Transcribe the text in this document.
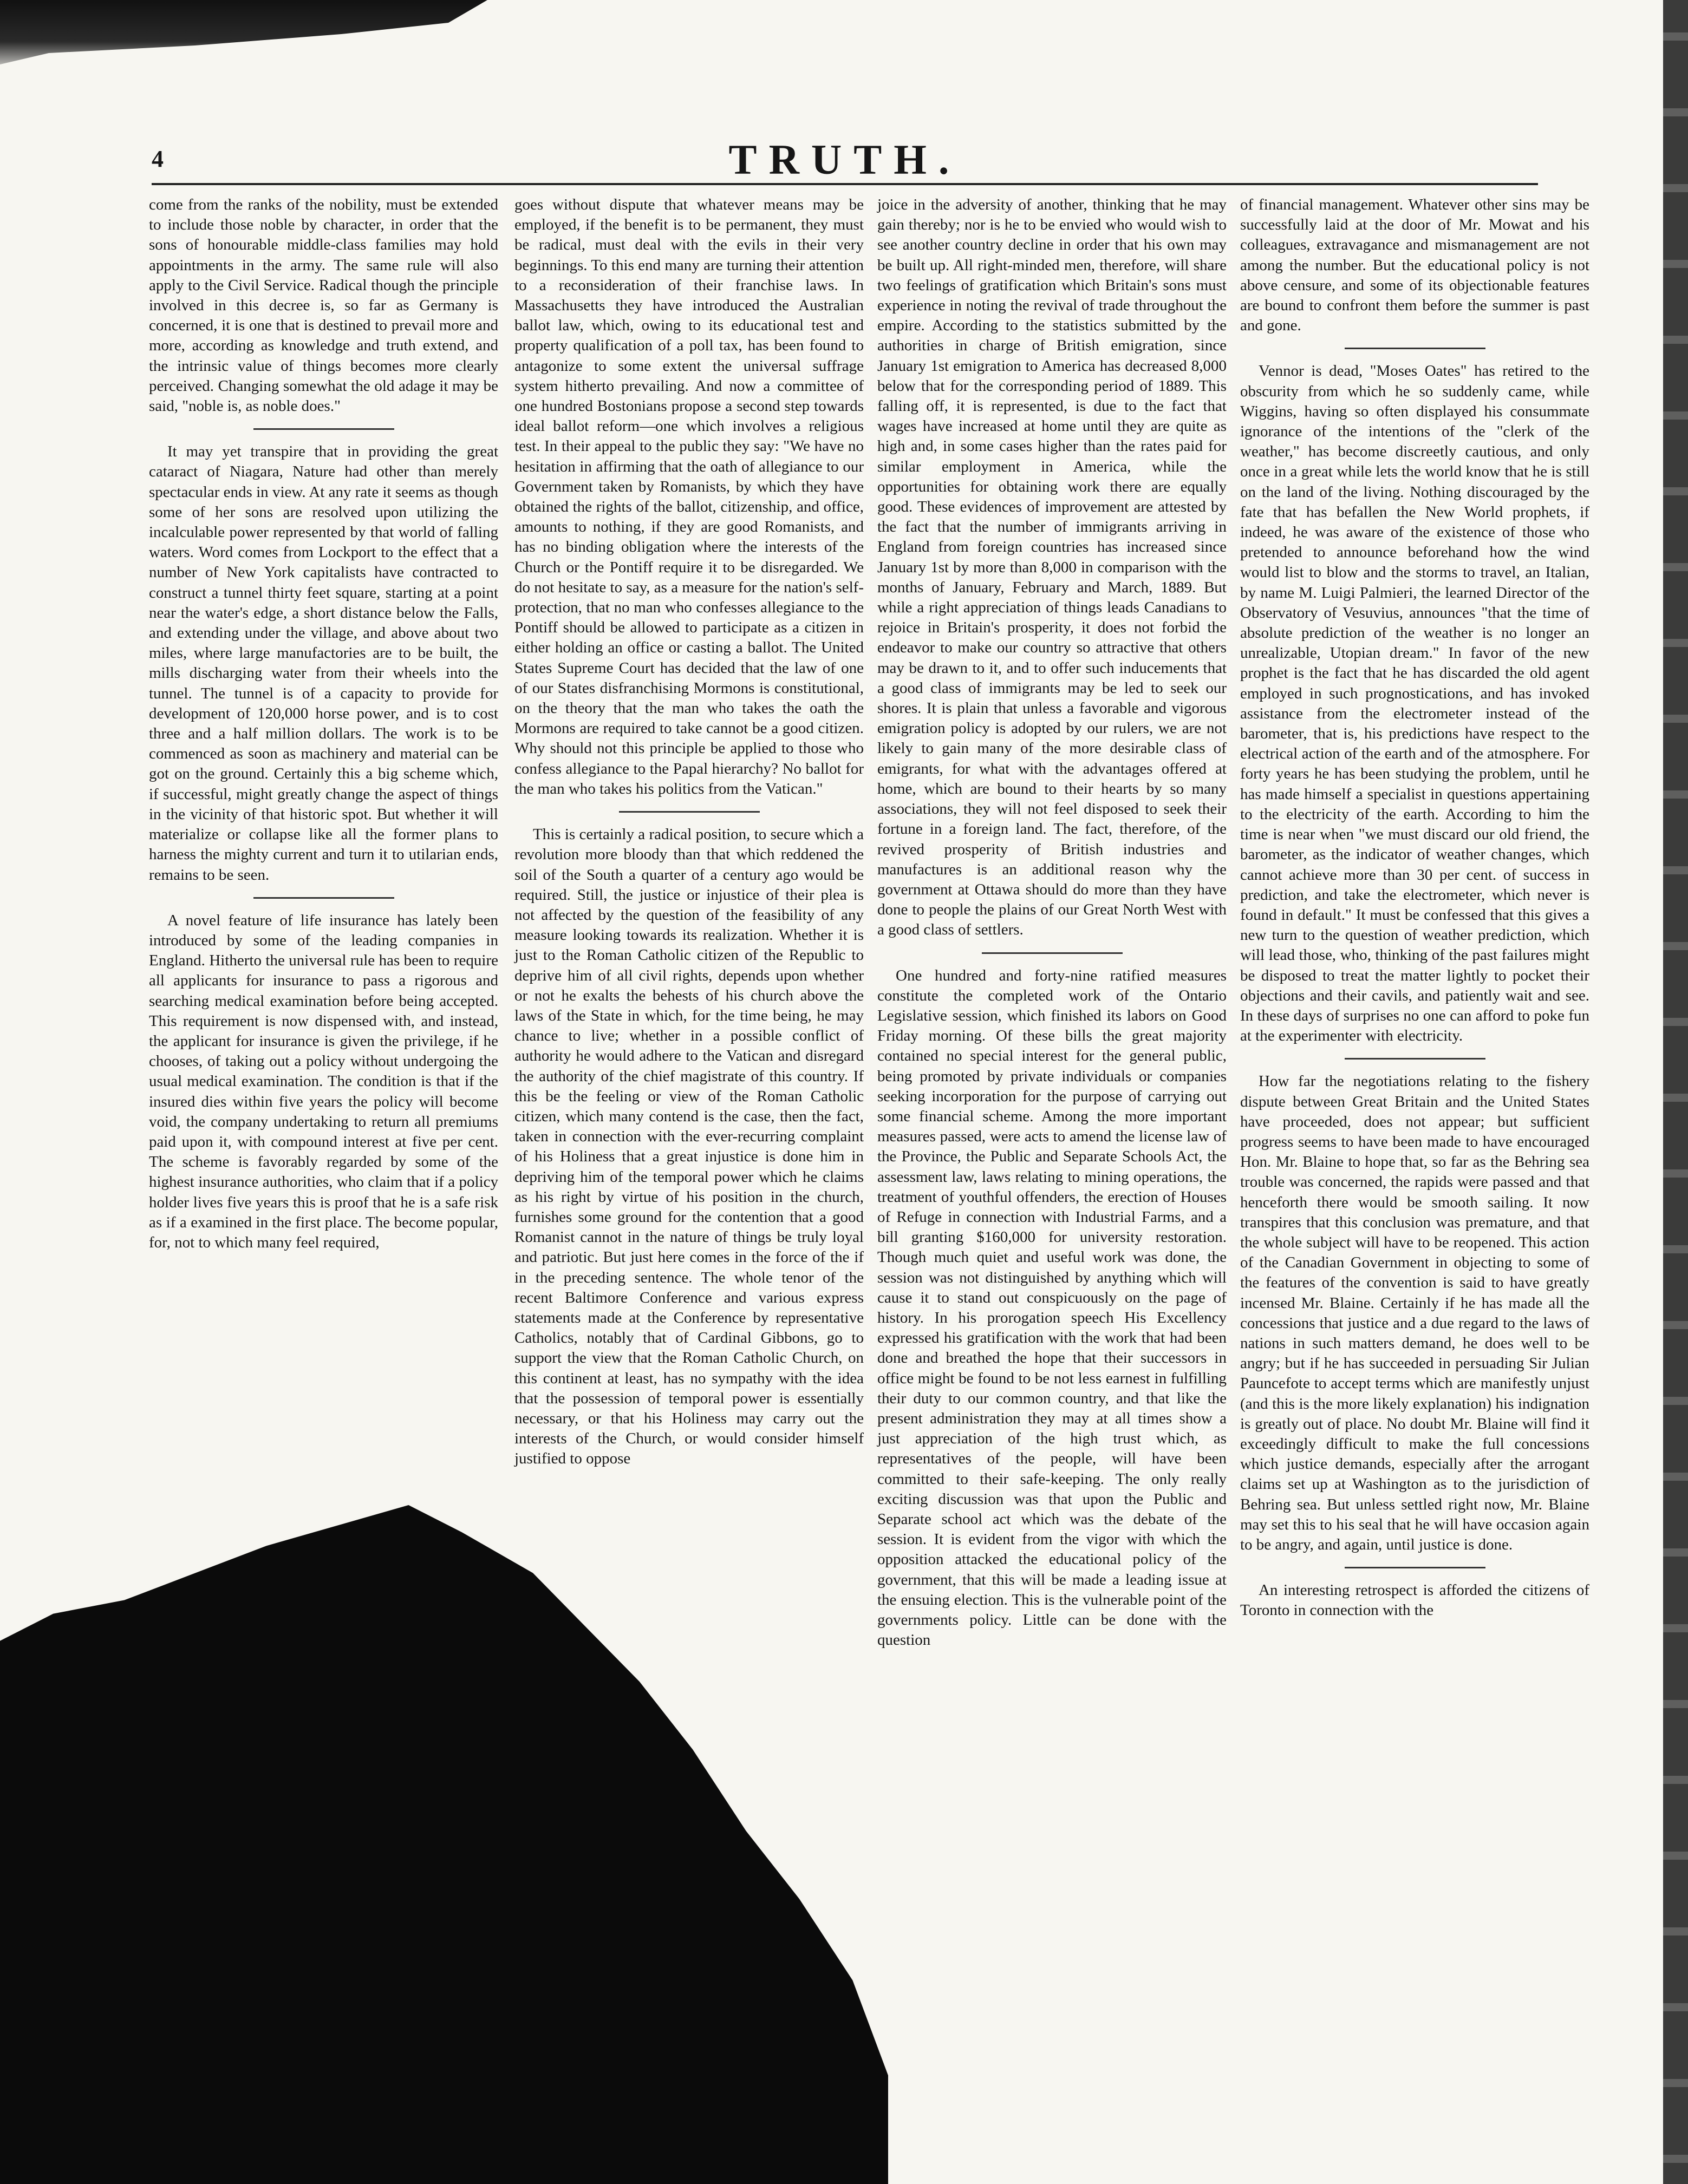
4	TRUTH.

come from the ranks of the nobility, must be extended to include those noble by character, in order that the sons of honourable middle-class families may hold appointments in the army. The same rule will also apply to the Civil Service. Radical though the principle involved in this decree is, so far as Germany is concerned, it is one that is destined to prevail more and more, according as knowledge and truth extend, and the intrinsic value of things becomes more clearly perceived. Changing somewhat the old adage it may be said, "noble is, as noble does."

It may yet transpire that in providing the great cataract of Niagara, Nature had other than merely spectacular ends in view. At any rate it seems as though some of her sons are resolved upon utilizing the incalculable power represented by that world of falling waters. Word comes from Lockport to the effect that a number of New York capitalists have contracted to construct a tunnel thirty feet square, starting at a point near the water's edge, a short distance below the Falls, and extending under the village, and above about two miles, where large manufactories are to be built, the mills discharging water from their wheels into the tunnel. The tunnel is of a capacity to provide for development of 120,000 horse power, and is to cost three and a half million dollars. The work is to be commenced as soon as machinery and material can be got on the ground. Certainly this a big scheme which, if successful, might greatly change the aspect of things in the vicinity of that historic spot. But whether it will materialize or collapse like all the former plans to harness the mighty current and turn it to utilarian ends, remains to be seen.

A novel feature of life insurance has lately been introduced by some of the leading companies in England. Hitherto the universal rule has been to require all applicants for insurance to pass a rigorous and searching medical examination before being accepted. This requirement is now dispensed with, and instead, the applicant for insurance is given the privilege, if he chooses, of taking out a policy without undergoing the usual medical examination. The condition is that if the insured dies within five years the policy will become void, the company undertaking to return all premiums paid upon it, with compound interest at five per cent. The scheme is favorably regarded by some of the highest insurance authorities, who claim that if a policy holder lives five years this is proof that he is a safe risk as if a examined in the first place. The become popular, for, not to which many feel required,

goes without dispute that whatever means may be employed, if the benefit is to be permanent, they must be radical, must deal with the evils in their very beginnings. To this end many are turning their attention to a reconsideration of their franchise laws. In Massachusetts they have introduced the Australian ballot law, which, owing to its educational test and property qualification of a poll tax, has been found to antagonize to some extent the universal suffrage system hitherto prevailing. And now a committee of one hundred Bostonians propose a second step towards ideal ballot reform—one which involves a religious test. In their appeal to the public they say: "We have no hesitation in affirming that the oath of allegiance to our Government taken by Romanists, by which they have obtained the rights of the ballot, citizenship, and office, amounts to nothing, if they are good Romanists, and has no binding obligation where the interests of the Church or the Pontiff require it to be disregarded. We do not hesitate to say, as a measure for the nation's self-protection, that no man who confesses allegiance to the Pontiff should be allowed to participate as a citizen in either holding an office or casting a ballot. The United States Supreme Court has decided that the law of one of our States disfranchising Mormons is constitutional, on the theory that the man who takes the oath the Mormons are required to take cannot be a good citizen. Why should not this principle be applied to those who confess allegiance to the Papal hierarchy? No ballot for the man who takes his politics from the Vatican."

This is certainly a radical position, to secure which a revolution more bloody than that which reddened the soil of the South a quarter of a century ago would be required. Still, the justice or injustice of their plea is not affected by the question of the feasibility of any measure looking towards its realization. Whether it is just to the Roman Catholic citizen of the Republic to deprive him of all civil rights, depends upon whether or not he exalts the behests of his church above the laws of the State in which, for the time being, he may chance to live; whether in a possible conflict of authority he would adhere to the Vatican and disregard the authority of the chief magistrate of this country. If this be the feeling or view of the Roman Catholic citizen, which many contend is the case, then the fact, taken in connection with the ever-recurring complaint of his Holiness that a great injustice is done him in depriving him of the temporal power which he claims as his right by virtue of his position in the church, furnishes some ground for the contention that a good Romanist cannot in the nature of things be truly loyal and patriotic. But just here comes in the force of the if in the preceding sentence. The whole tenor of the recent Baltimore Conference and various express statements made at the Conference by representative Catholics, notably that of Cardinal Gibbons, go to support the view that the Roman Catholic Church, on this continent at least, has no sympathy with the idea that the possession of temporal power is essentially necessary, or that his Holiness may carry out the interests of the Church, or would consider himself justified to oppose

joice in the adversity of another, thinking that he may gain thereby; nor is he to be envied who would wish to see another country decline in order that his own may be built up. All right-minded men, therefore, will share two feelings of gratification which Britain's sons must experience in noting the revival of trade throughout the empire. According to the statistics submitted by the authorities in charge of British emigration, since January 1st emigration to America has decreased 8,000 below that for the corresponding period of 1889. This falling off, it is represented, is due to the fact that wages have increased at home until they are quite as high and, in some cases higher than the rates paid for similar employment in America, while the opportunities for obtaining work there are equally good. These evidences of improvement are attested by the fact that the number of immigrants arriving in England from foreign countries has increased since January 1st by more than 8,000 in comparison with the months of January, February and March, 1889. But while a right appreciation of things leads Canadians to rejoice in Britain's prosperity, it does not forbid the endeavor to make our country so attractive that others may be drawn to it, and to offer such inducements that a good class of immigrants may be led to seek our shores. It is plain that unless a favorable and vigorous emigration policy is adopted by our rulers, we are not likely to gain many of the more desirable class of emigrants, for what with the advantages offered at home, which are bound to their hearts by so many associations, they will not feel disposed to seek their fortune in a foreign land. The fact, therefore, of the revived prosperity of British industries and manufactures is an additional reason why the government at Ottawa should do more than they have done to people the plains of our Great North West with a good class of settlers.

One hundred and forty-nine ratified measures constitute the completed work of the Ontario Legislative session, which finished its labors on Good Friday morning. Of these bills the great majority contained no special interest for the general public, being promoted by private individuals or companies seeking incorporation for the purpose of carrying out some financial scheme. Among the more important measures passed, were acts to amend the license law of the Province, the Public and Separate Schools Act, the assessment law, laws relating to mining operations, the treatment of youthful offenders, the erection of Houses of Refuge in connection with Industrial Farms, and a bill granting $160,000 for university restoration. Though much quiet and useful work was done, the session was not distinguished by anything which will cause it to stand out conspicuously on the page of history. In his prorogation speech His Excellency expressed his gratification with the work that had been done and breathed the hope that their successors in office might be found to be not less earnest in fulfilling their duty to our common country, and that like the present administration they may at all times show a just appreciation of the high trust which, as representatives of the people, will have been committed to their safe-keeping. The only really exciting discussion was that upon the Public and Separate school act which was the debate of the session. It is evident from the vigor with which the opposition attacked the educational policy of the government, that this will be made a leading issue at the ensuing election. This is the vulnerable point of the governments policy. Little can be done with the question

of financial management. Whatever other sins may be successfully laid at the door of Mr. Mowat and his colleagues, extravagance and mismanagement are not among the number. But the educational policy is not above censure, and some of its objectionable features are bound to confront them before the summer is past and gone.

Vennor is dead, "Moses Oates" has retired to the obscurity from which he so suddenly came, while Wiggins, having so often displayed his consummate ignorance of the intentions of the "clerk of the weather," has become discreetly cautious, and only once in a great while lets the world know that he is still on the land of the living. Nothing discouraged by the fate that has befallen the New World prophets, if indeed, he was aware of the existence of those who pretended to announce beforehand how the wind would list to blow and the storms to travel, an Italian, by name M. Luigi Palmieri, the learned Director of the Observatory of Vesuvius, announces "that the time of absolute prediction of the weather is no longer an unrealizable, Utopian dream." In favor of the new prophet is the fact that he has discarded the old agent employed in such prognostications, and has invoked assistance from the electrometer instead of the barometer, that is, his predictions have respect to the electrical action of the earth and of the atmosphere. For forty years he has been studying the problem, until he has made himself a specialist in questions appertaining to the electricity of the earth. According to him the time is near when "we must discard our old friend, the barometer, as the indicator of weather changes, which cannot achieve more than 30 per cent. of success in prediction, and take the electrometer, which never is found in default." It must be confessed that this gives a new turn to the question of weather prediction, which will lead those, who, thinking of the past failures might be disposed to treat the matter lightly to pocket their objections and their cavils, and patiently wait and see. In these days of surprises no one can afford to poke fun at the experimenter with electricity.

How far the negotiations relating to the fishery dispute between Great Britain and the United States have proceeded, does not appear; but sufficient progress seems to have been made to have encouraged Hon. Mr. Blaine to hope that, so far as the Behring sea trouble was concerned, the rapids were passed and that henceforth there would be smooth sailing. It now transpires that this conclusion was premature, and that the whole subject will have to be reopened. This action of the Canadian Government in objecting to some of the features of the convention is said to have greatly incensed Mr. Blaine. Certainly if he has made all the concessions that justice and a due regard to the laws of nations in such matters demand, he does well to be angry; but if he has succeeded in persuading Sir Julian Pauncefote to accept terms which are manifestly unjust (and this is the more likely explanation) his indignation is greatly out of place. No doubt Mr. Blaine will find it exceedingly difficult to make the full concessions which justice demands, especially after the arrogant claims set up at Washington as to the jurisdiction of Behring sea. But unless settled right now, Mr. Blaine may set this to his seal that he will have occasion again to be angry, and again, until justice is done.

An interesting retrospect is afforded the citizens of Toronto in connection with the
